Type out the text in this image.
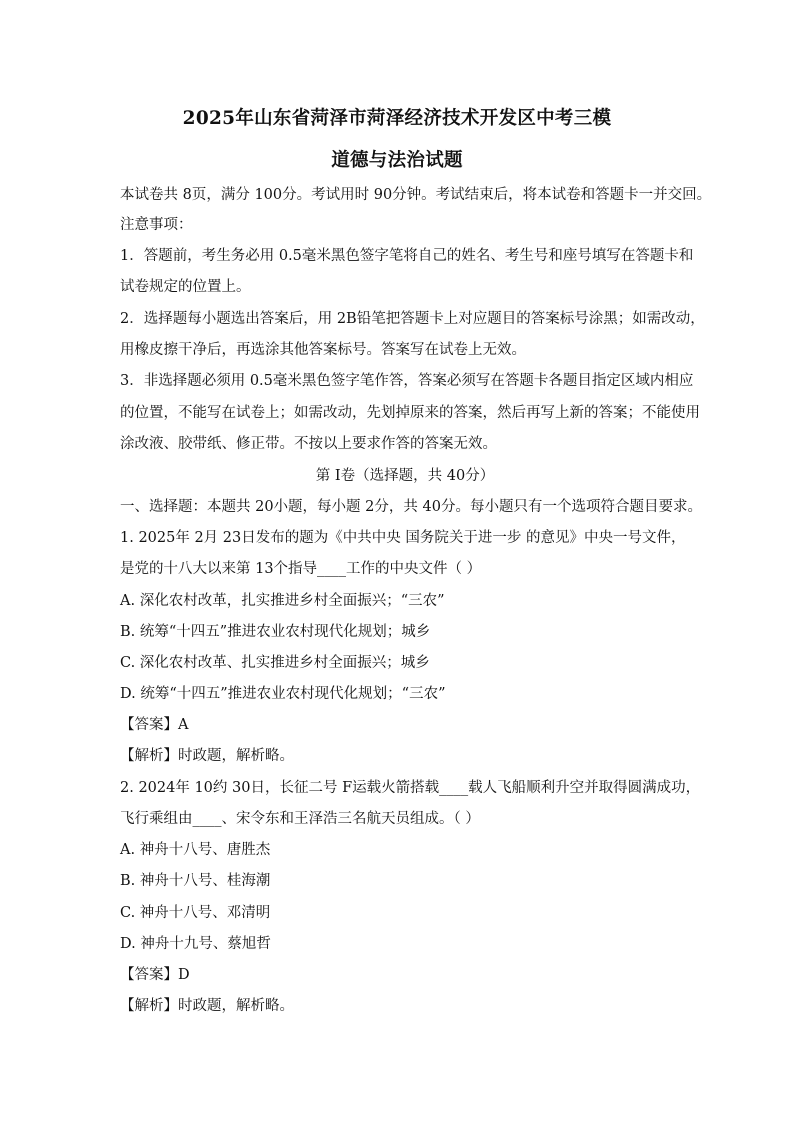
2025年山东省菏泽市菏泽经济技术开发区中考三模
道德与法治试题
本试卷共 8页，满分 100分。考试用时 90分钟。考试结束后，将本试卷和答题卡一并交回。
注意事项：
1．答题前，考生务必用 0.5毫米黑色签字笔将自己的姓名、考生号和座号填写在答题卡和
试卷规定的位置上。
2．选择题每小题选出答案后，用 2B铅笔把答题卡上对应题目的答案标号涂黑；如需改动，
用橡皮擦干净后，再选涂其他答案标号。答案写在试卷上无效。
3．非选择题必须用 0.5毫米黑色签字笔作答，答案必须写在答题卡各题目指定区域内相应
的位置，不能写在试卷上；如需改动，先划掉原来的答案，然后再写上新的答案；不能使用
涂改液、胶带纸、修正带。不按以上要求作答的答案无效。
第 I卷（选择题，共 40分）
一、选择题：本题共 20小题，每小题 2分，共 40分。每小题只有一个选项符合题目要求。
1. 2025年 2月 23日发布的题为《中共中央 国务院关于进一步 的意见》中央一号文件，
是党的十八大以来第 13个指导____工作的中央文件（ ）
A. 深化农村改革，扎实推进乡村全面振兴；“三农”
B. 统筹“十四五”推进农业农村现代化规划；城乡
C. 深化农村改革、扎实推进乡村全面振兴；城乡
D. 统筹“十四五”推进农业农村现代化规划；“三农”
【答案】A
【解析】时政题，解析略。
2. 2024年 10约 30日，长征二号 F运载火箭搭载____载人飞船顺利升空并取得圆满成功，
飞行乘组由____、宋令东和王泽浩三名航天员组成。（ ）
A. 神舟十八号、唐胜杰
B. 神舟十八号、桂海潮
C. 神舟十八号、邓清明
D. 神舟十九号、蔡旭哲
【答案】D
【解析】时政题，解析略。
